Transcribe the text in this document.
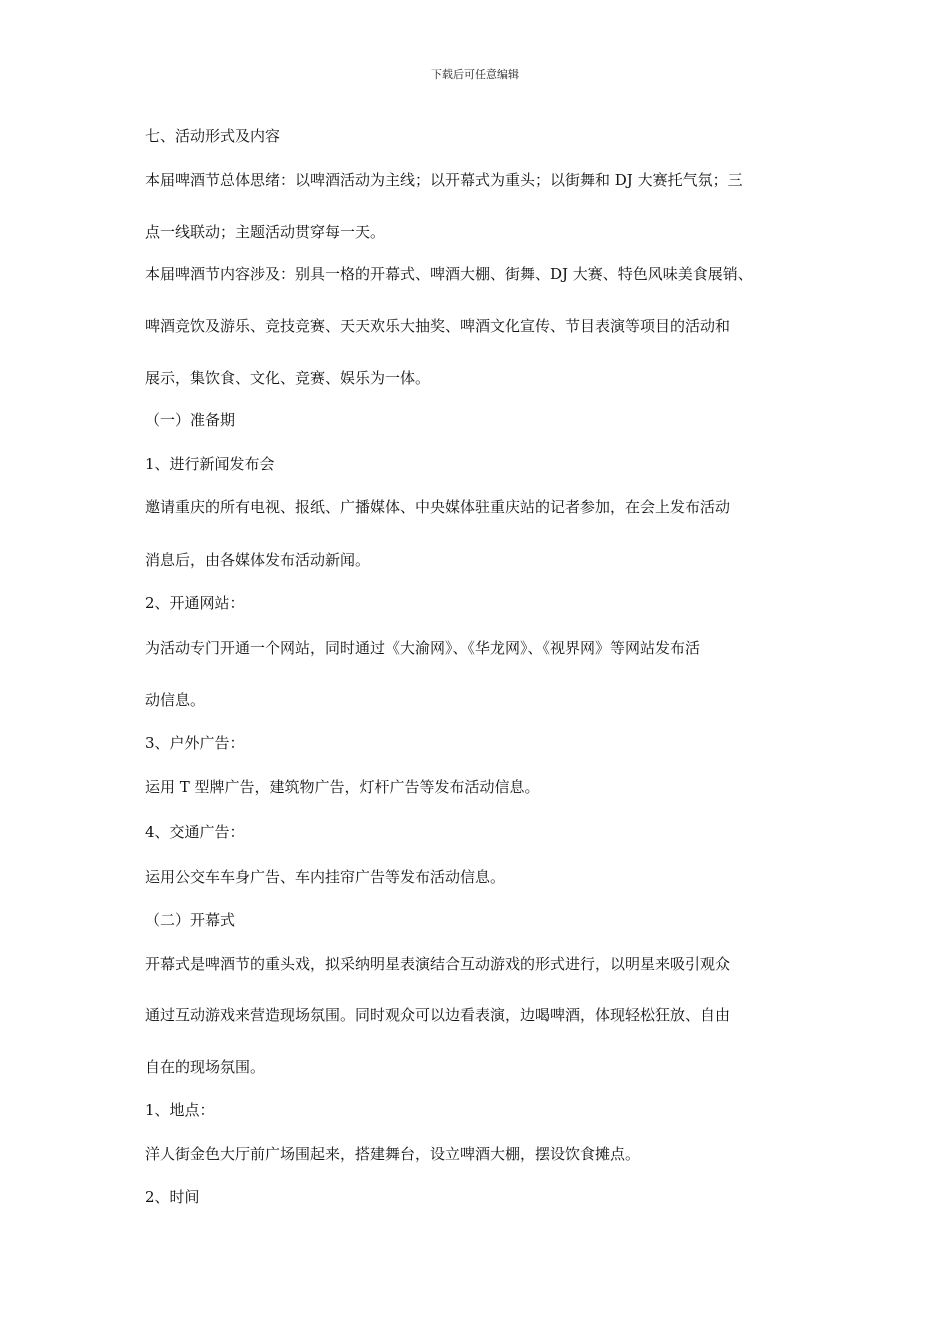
下载后可任意编辑
七、活动形式及内容
本届啤酒节总体思绪：以啤酒活动为主线；以开幕式为重头；以街舞和 DJ 大赛托气氛；三
点一线联动；主题活动贯穿每一天。
本届啤酒节内容涉及：别具一格的开幕式、啤酒大棚、街舞、DJ 大赛、特色风味美食展销、
啤酒竞饮及游乐、竞技竞赛、天天欢乐大抽奖、啤酒文化宣传、节目表演等项目的活动和
展示，集饮食、文化、竞赛、娱乐为一体。
（一）准备期
1、进行新闻发布会
邀请重庆的所有电视、报纸、广播媒体、中央媒体驻重庆站的记者参加，在会上发布活动
消息后，由各媒体发布活动新闻。
2、开通网站：
为活动专门开通一个网站，同时通过《大渝网》、《华龙网》、《视界网》等网站发布活
动信息。
3、户外广告：
运用 T 型牌广告，建筑物广告，灯杆广告等发布活动信息。
4、交通广告：
运用公交车车身广告、车内挂帘广告等发布活动信息。
（二）开幕式
开幕式是啤酒节的重头戏，拟采纳明星表演结合互动游戏的形式进行，以明星来吸引观众
通过互动游戏来营造现场氛围。同时观众可以边看表演，边喝啤酒，体现轻松狂放、自由
自在的现场氛围。
1、地点：
洋人街金色大厅前广场围起来，搭建舞台，设立啤酒大棚，摆设饮食摊点。
2、时间
